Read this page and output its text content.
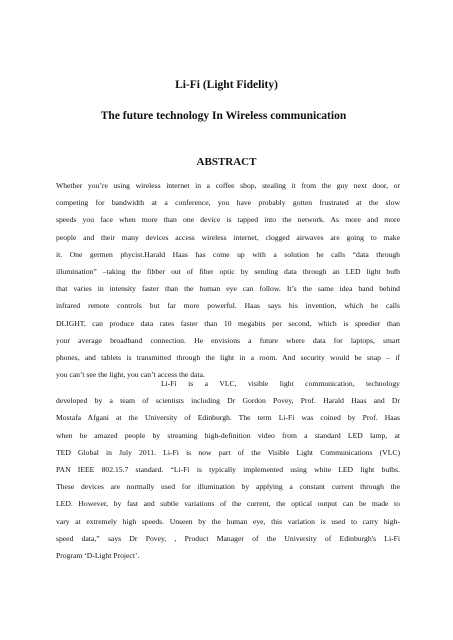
Li-Fi (Light Fidelity)
The future technology In Wireless communication
ABSTRACT
Whether you’re using wireless internet in a coffee shop, stealing it from the guy next door, or
competing for bandwidth at a conference, you have probably gotten frustrated at the slow
speeds you face when more than one device is tapped into the network. As more and more
people and their many devices access wireless internet, clogged airwaves are going to make
it. One germen phycist.Harald Haas has come up with a solution he calls “data through
illumination” –taking the fibber out of fiber optic by sending data through an LED light bulb
that varies in intensity faster than the human eye can follow. It’s the same idea band behind
infrared remote controls but far more powerful. Haas says his invention, which he calls
DLIGHT, can produce data rates faster than 10 megabits per second, which is speedier than
your average broadband connection. He envisions a future where data for laptops, smart
phones, and tablets is transmitted through the light in a room. And security would be snap – if
you can’t see the light, you can’t access the data.
Li-Fi is a VLC, visible light communication, technology
developed by a team of scientists including Dr Gordon Povey, Prof. Harald Haas and Dr
Mostafa Afgani at the University of Edinburgh. The term Li-Fi was coined by Prof. Haas
when he amazed people by streaming high-definition video from a standard LED lamp, at
TED Global in July 2011. Li-Fi is now part of the Visible Light Communications (VLC)
PAN IEEE 802.15.7 standard. “Li-Fi is typically implemented using white LED light bulbs.
These devices are normally used for illumination by applying a constant current through the
LED. However, by fast and subtle variations of the current, the optical output can be made to
vary at extremely high speeds. Unseen by the human eye, this variation is used to carry high-
speed data,” says Dr Povey, , Product Manager of the University of Edinburgh's Li-Fi
Program ‘D-Light Project’.
